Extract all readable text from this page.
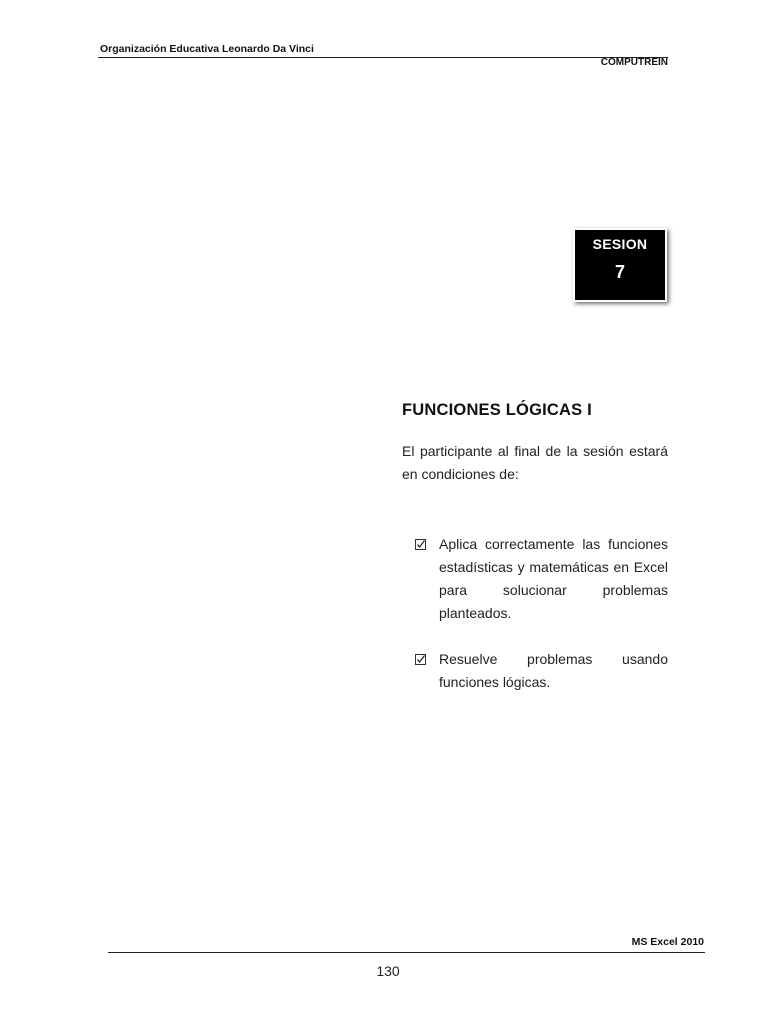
Organización Educativa Leonardo Da Vinci
COMPUTREIN
SESION
7
FUNCIONES LÓGICAS I
El participante al final de la sesión estará en condiciones de:
Aplica correctamente las funciones estadísticas y matemáticas en Excel para solucionar problemas planteados.
Resuelve problemas usando funciones lógicas.
MS Excel 2010
130
